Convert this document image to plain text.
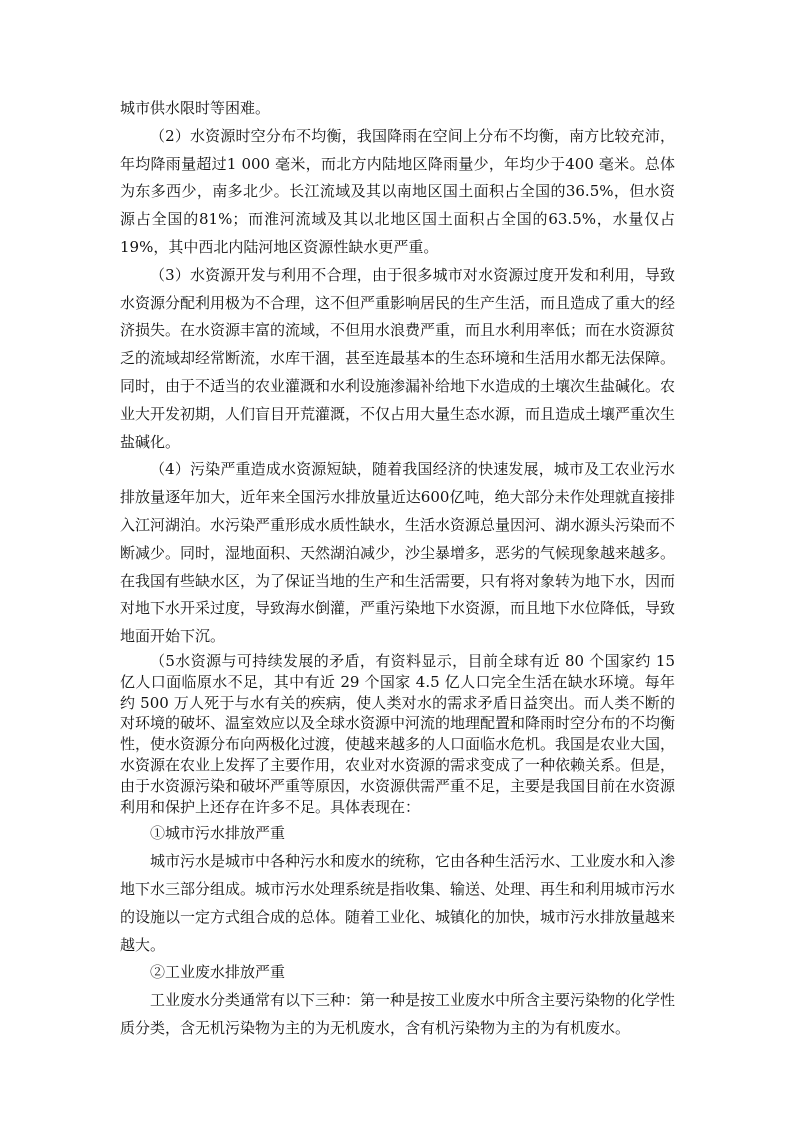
城市供水限时等困难。

（2）水资源时空分布不均衡，我国降雨在空间上分布不均衡，南方比较充沛，年均降雨量超过1 000 毫米，而北方内陆地区降雨量少，年均少于400 毫米。总体为东多西少，南多北少。长江流域及其以南地区国土面积占全国的36.5%，但水资源占全国的81%；而淮河流域及其以北地区国土面积占全国的63.5%，水量仅占19%，其中西北内陆河地区资源性缺水更严重。

（3）水资源开发与利用不合理，由于很多城市对水资源过度开发和利用，导致水资源分配利用极为不合理，这不但严重影响居民的生产生活，而且造成了重大的经济损失。在水资源丰富的流域，不但用水浪费严重，而且水利用率低；而在水资源贫乏的流域却经常断流，水库干涸，甚至连最基本的生态环境和生活用水都无法保障。同时，由于不适当的农业灌溉和水利设施渗漏补给地下水造成的土壤次生盐碱化。农业大开发初期，人们盲目开荒灌溉，不仅占用大量生态水源，而且造成土壤严重次生盐碱化。

（4）污染严重造成水资源短缺，随着我国经济的快速发展，城市及工农业污水排放量逐年加大，近年来全国污水排放量近达600亿吨，绝大部分未作处理就直接排入江河湖泊。水污染严重形成水质性缺水，生活水资源总量因河、湖水源头污染而不断减少。同时，湿地面积、天然湖泊减少，沙尘暴增多，恶劣的气候现象越来越多。在我国有些缺水区，为了保证当地的生产和生活需要，只有将对象转为地下水，因而对地下水开采过度，导致海水倒灌，严重污染地下水资源，而且地下水位降低，导致地面开始下沉。

（5水资源与可持续发展的矛盾，有资料显示，目前全球有近 80 个国家约 15 亿人口面临原水不足，其中有近 29 个国家 4.5 亿人口完全生活在缺水环境。每年约 500 万人死于与水有关的疾病，使人类对水的需求矛盾日益突出。而人类不断的对环境的破坏、温室效应以及全球水资源中河流的地理配置和降雨时空分布的不均衡性，使水资源分布向两极化过渡，使越来越多的人口面临水危机。我国是农业大国，水资源在农业上发挥了主要作用，农业对水资源的需求变成了一种依赖关系。但是，由于水资源污染和破坏严重等原因，水资源供需严重不足，主要是我国目前在水资源利用和保护上还存在许多不足。具体表现在：

①城市污水排放严重

城市污水是城市中各种污水和废水的统称，它由各种生活污水、工业废水和入渗地下水三部分组成。城市污水处理系统是指收集、输送、处理、再生和利用城市污水的设施以一定方式组合成的总体。随着工业化、城镇化的加快，城市污水排放量越来越大。

②工业废水排放严重

工业废水分类通常有以下三种：第一种是按工业废水中所含主要污染物的化学性质分类，含无机污染物为主的为无机废水，含有机污染物为主的为有机废水。
